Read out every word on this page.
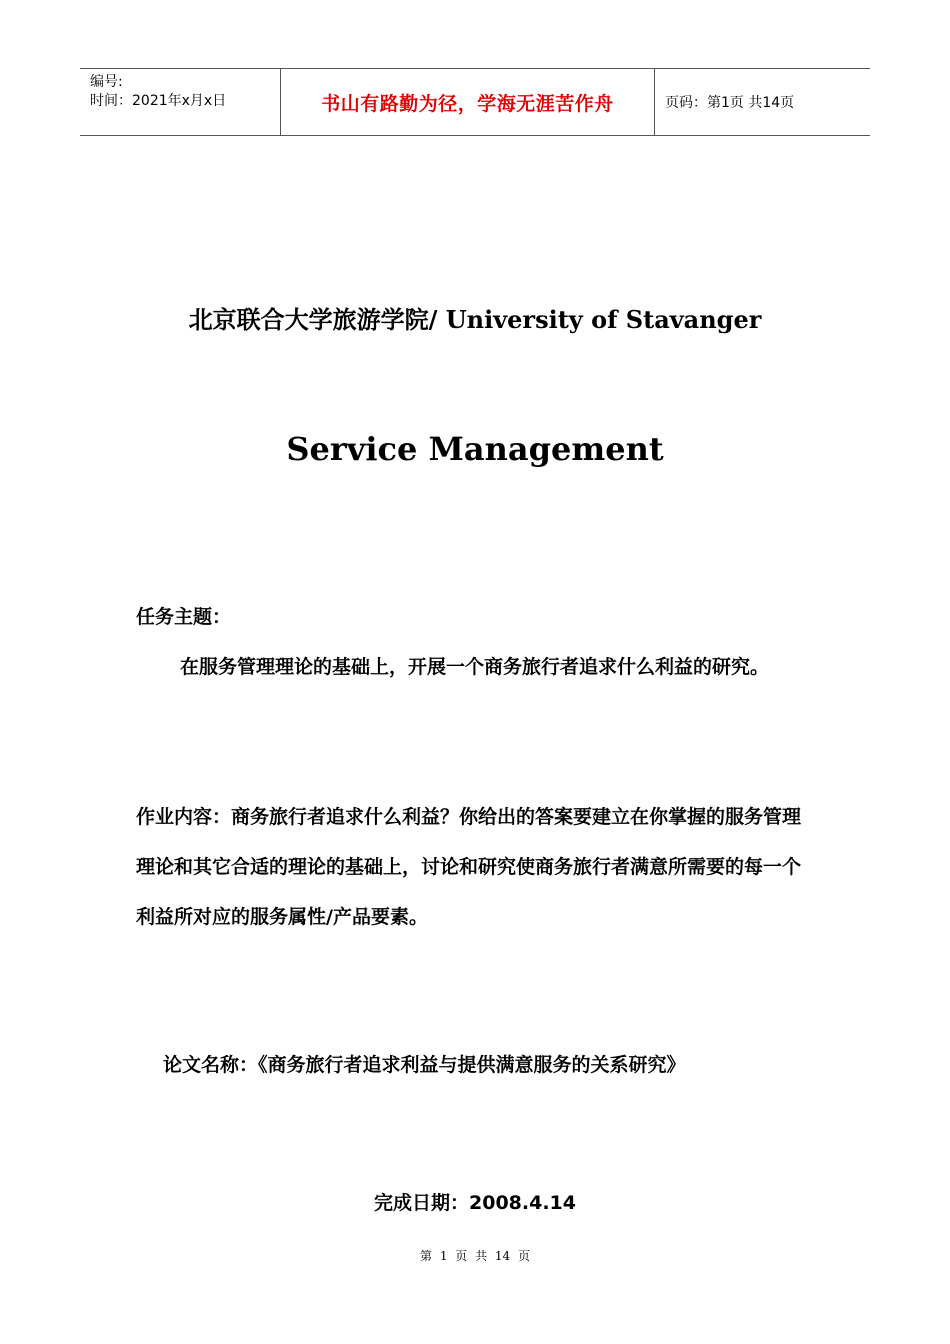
编号:
时间：2021年x月x日	书山有路勤为径，学海无涯苦作舟	页码：第1页 共14页
北京联合大学旅游学院/ University of Stavanger
Service Management
任务主题：
在服务管理理论的基础上，开展一个商务旅行者追求什么利益的研究。
作业内容：商务旅行者追求什么利益？你给出的答案要建立在你掌握的服务管理理论和其它合适的理论的基础上，讨论和研究使商务旅行者满意所需要的每一个利益所对应的服务属性/产品要素。
论文名称：《商务旅行者追求利益与提供满意服务的关系研究》
完成日期：2008.4.14
第 1 页 共 14 页
